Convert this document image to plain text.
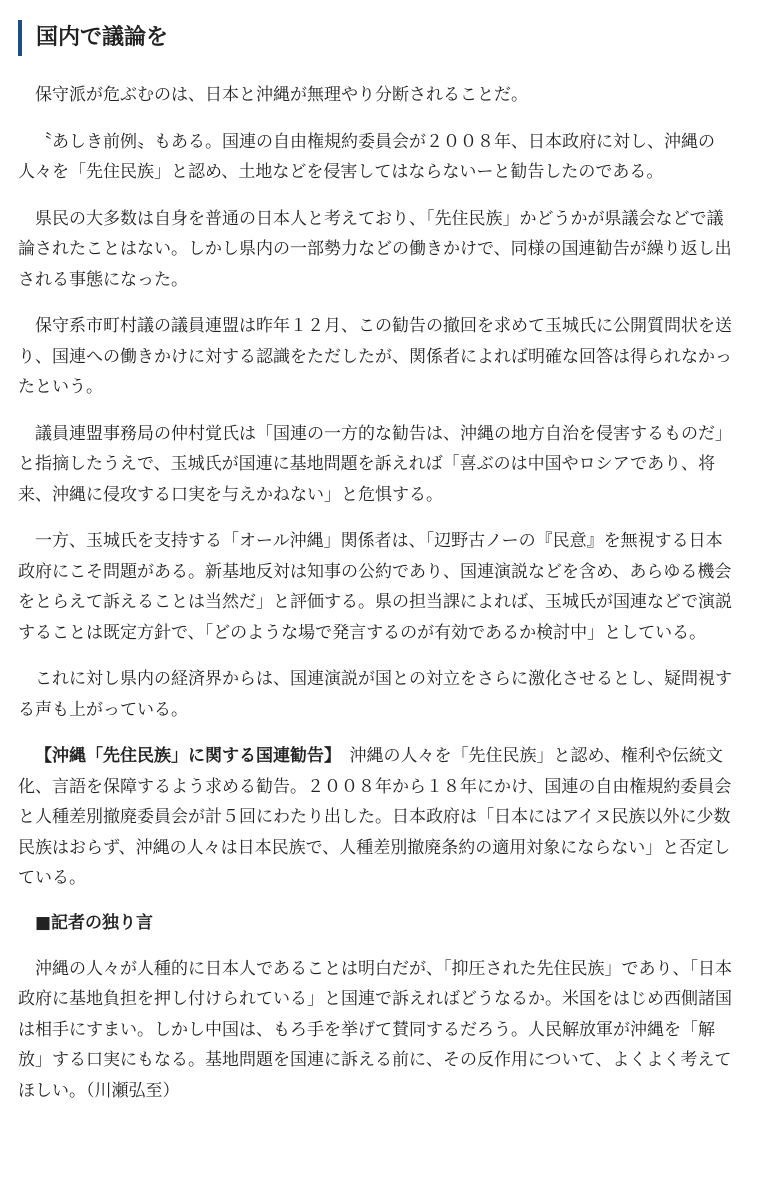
国内で議論を

保守派が危ぶむのは、日本と沖縄が無理やり分断されることだ。

〝あしき前例〟もある。国連の自由権規約委員会が２００８年、日本政府に対し、沖縄の人々を「先住民族」と認め、土地などを侵害してはならないーと勧告したのである。

県民の大多数は自身を普通の日本人と考えており、「先住民族」かどうかが県議会などで議論されたことはない。しかし県内の一部勢力などの働きかけで、同様の国連勧告が繰り返し出される事態になった。

保守系市町村議の議員連盟は昨年１２月、この勧告の撤回を求めて玉城氏に公開質問状を送り、国連への働きかけに対する認識をただしたが、関係者によれば明確な回答は得られなかったという。

議員連盟事務局の仲村覚氏は「国連の一方的な勧告は、沖縄の地方自治を侵害するものだ」と指摘したうえで、玉城氏が国連に基地問題を訴えれば「喜ぶのは中国やロシアであり、将来、沖縄に侵攻する口実を与えかねない」と危惧する。

一方、玉城氏を支持する「オール沖縄」関係者は、「辺野古ノーの『民意』を無視する日本政府にこそ問題がある。新基地反対は知事の公約であり、国連演説などを含め、あらゆる機会をとらえて訴えることは当然だ」と評価する。県の担当課によれば、玉城氏が国連などで演説することは既定方針で、「どのような場で発言するのが有効であるか検討中」としている。

これに対し県内の経済界からは、国連演説が国との対立をさらに激化させるとし、疑問視する声も上がっている。

【沖縄「先住民族」に関する国連勧告】　沖縄の人々を「先住民族」と認め、権利や伝統文化、言語を保障するよう求める勧告。２００８年から１８年にかけ、国連の自由権規約委員会と人種差別撤廃委員会が計５回にわたり出した。日本政府は「日本にはアイヌ民族以外に少数民族はおらず、沖縄の人々は日本民族で、人種差別撤廃条約の適用対象にならない」と否定している。

■記者の独り言

沖縄の人々が人種的に日本人であることは明白だが、「抑圧された先住民族」であり、「日本政府に基地負担を押し付けられている」と国連で訴えればどうなるか。米国をはじめ西側諸国は相手にすまい。しかし中国は、もろ手を挙げて賛同するだろう。人民解放軍が沖縄を「解放」する口実にもなる。基地問題を国連に訴える前に、その反作用について、よくよく考えてほしい。（川瀬弘至）
